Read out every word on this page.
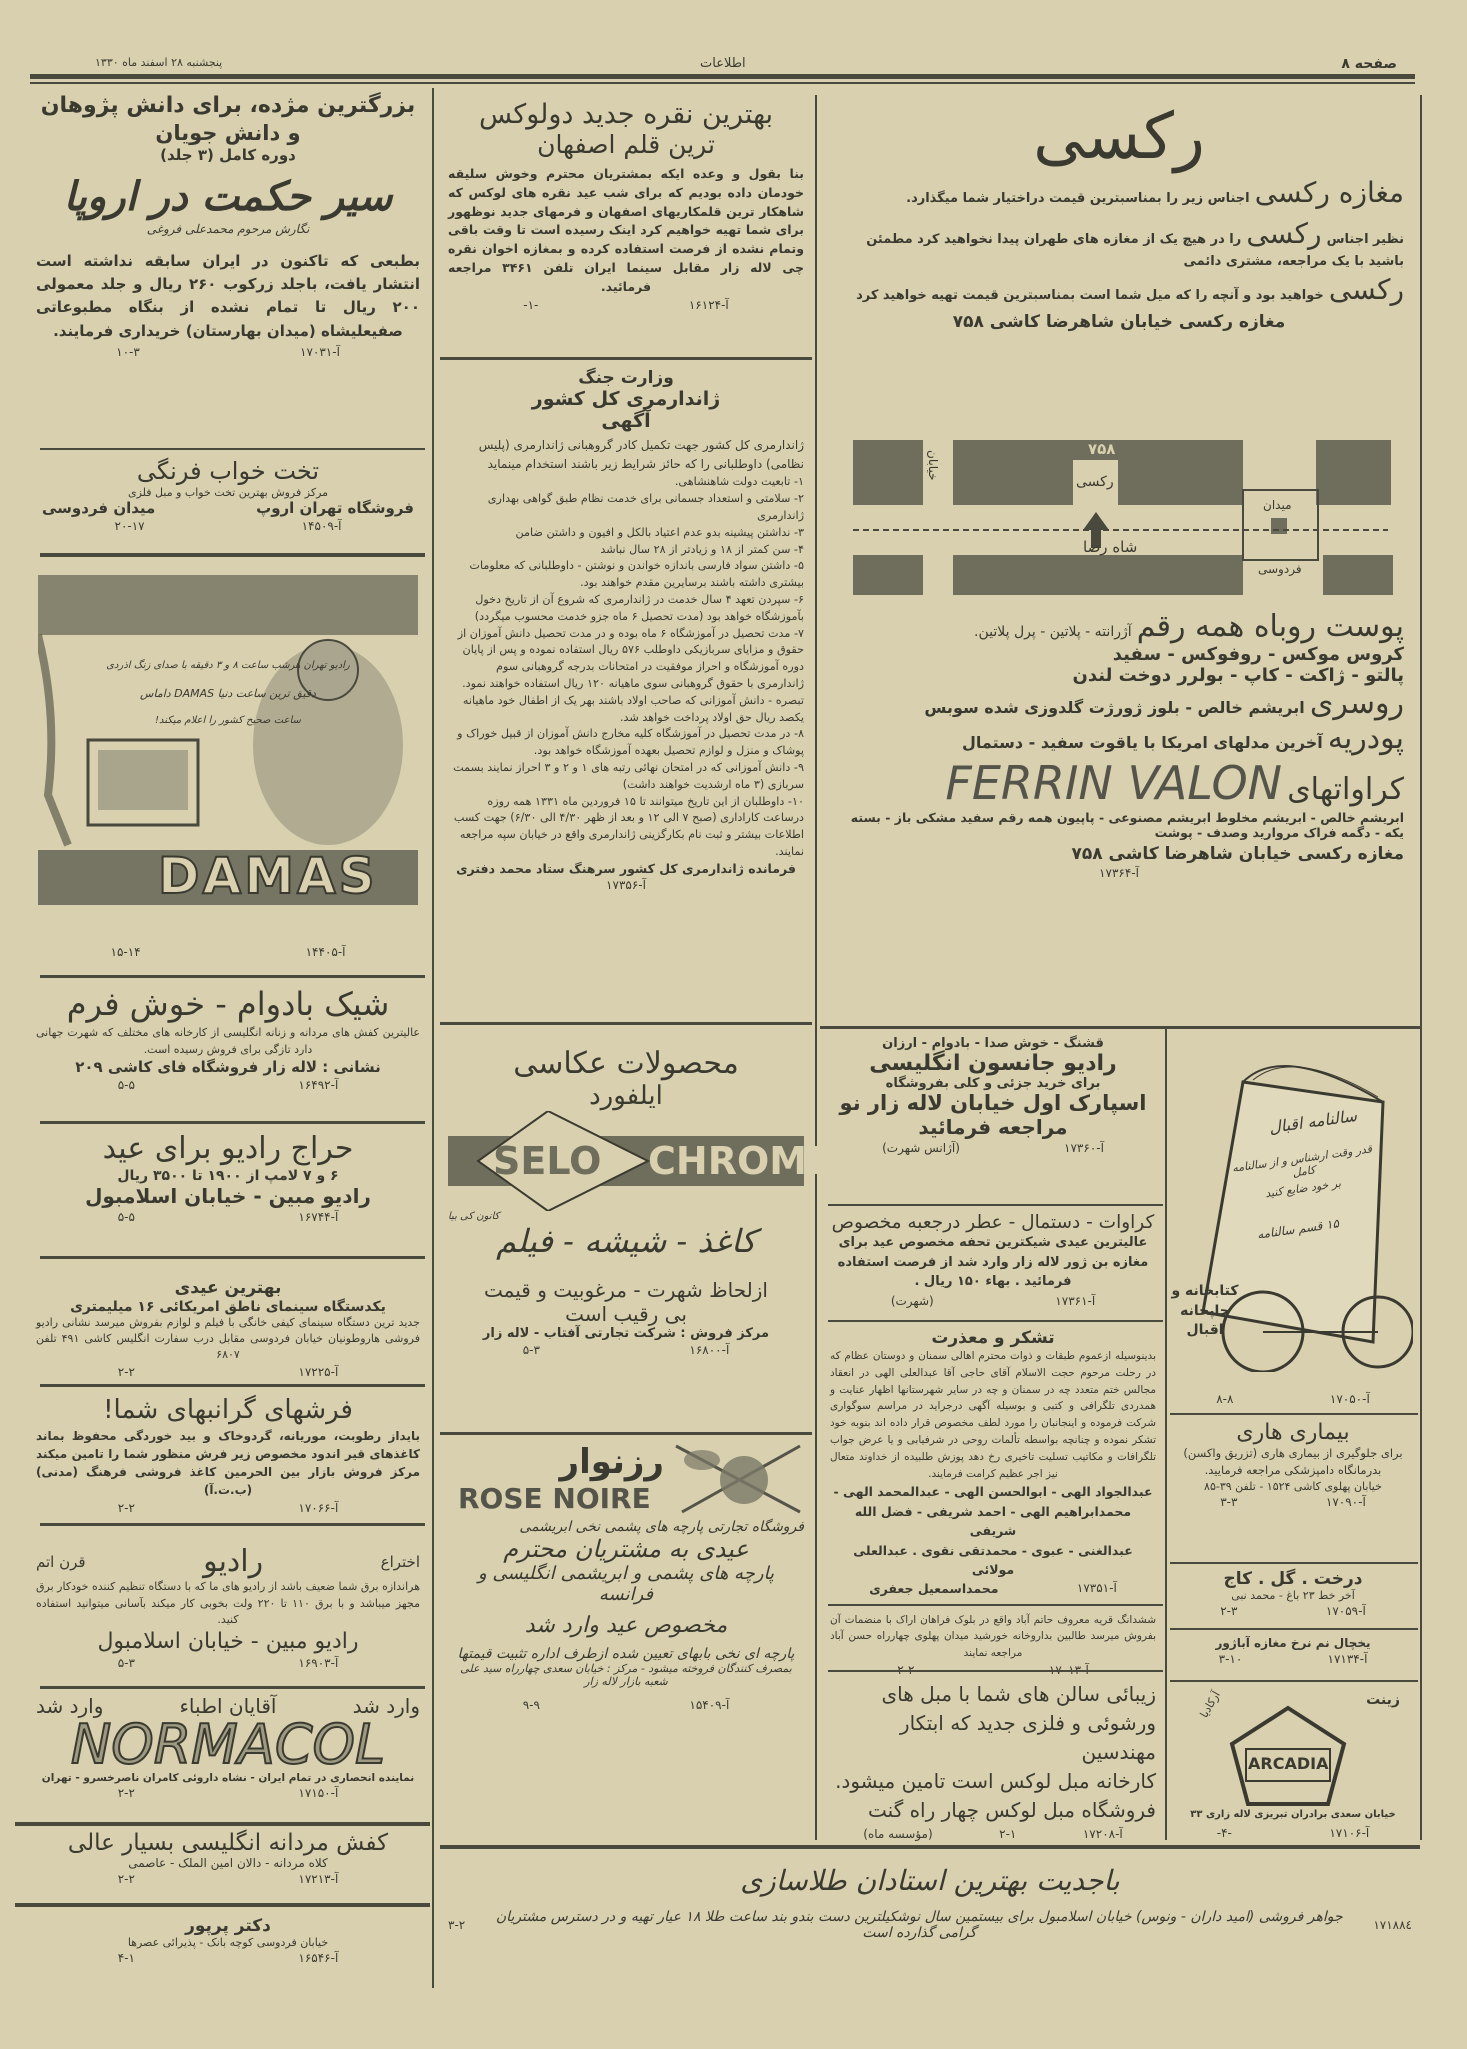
صفحه ۸
اطلاعات
پنجشنبه ۲۸ اسفند ماه ۱۳۳۰
بزرگترین مژده، برای دانش پژوهان
و دانش جویان
دوره کامل (۳ جلد)
سیر حکمت در اروپا
نگارش مرحوم محمدعلی فروغی
بطبعی که تاکنون در ایران سابقه نداشته است انتشار یافت، باجلد زرکوب ۲۶۰ ریال و جلد معمولی ۲۰۰ ریال تا تمام نشده از بنگاه مطبوعاتی صفیعلیشاه (میدان بهارستان) خریداری فرمایند.
آ-۱۷۰۳۱
۱۰-۳
تخت خواب فرنگی
مرکز فروش بهترین تخت خواب و مبل فلزی
فروشگاه تهران اروپ
میدان فردوسی
آ-۱۴۵۰۹
۲۰-۱۷
رادیو تهران هرشب ساعت ۸ و ۳ دقیقه با صدای زنگ اذردی
دقیق ترین ساعت دنیا DAMAS داماس
ساعت صحیح کشور را اعلام میکند!
DAMAS
آ-۱۴۴۰۵
۱۵-۱۴
شیک بادوام - خوش فرم
عالیترین کفش های مردانه و زنانه انگلیسی از کارخانه های مختلف که شهرت جهانی دارد تازگی برای فروش رسیده است.
نشانی : لاله زار فروشگاه فای کاشی ۲۰۹
آ-۱۶۴۹۲
۵-۵
حراج رادیو برای عید
۶ و ۷ لامپ از ۱۹۰۰ تا ۳۵۰۰ ریال
رادیو مبین - خیابان اسلامبول
آ-۱۶۷۴۴
۵-۵
بهترین عیدی
یکدستگاه سینمای ناطق امریکائی ۱۶ میلیمتری
جدید ترین دستگاه سینمای کیفی خانگی با فیلم و لوازم بفروش میرسد نشانی رادیو فروشی هاروطونیان خیابان فردوسی مقابل درب سفارت انگلیس کاشی ۴۹۱ تلفن ۶۸۰۷
آ-۱۷۲۲۵
۲-۲
فرشهای گرانبهای شما!
بایداز رطوبت، موریانه، گردوخاک و بید خوردگی محفوظ بماند کاغذهای قیر اندود مخصوص زیر فرش منظور شما را تامین میکند مرکز فروش بازار بین الحرمین کاغذ فروشی فرهنگ (مدنی) (ب.ت.آ)
آ-۱۷۰۶۶
۲-۲
اختراع
رادیو
قرن اتم
هراندازه برق شما ضعیف باشد از رادیو های ما که با دستگاه تنظیم کننده خودکار برق مجهز میباشد و با برق ۱۱۰ تا ۲۲۰ ولت بخوبی کار میکند بآسانی میتوانید استفاده کنید.
رادیو مبین - خیابان اسلامبول
آ-۱۶۹۰۳
۵-۳
وارد شد
آقایان اطباء
وارد شد
NORMACOL
نماینده انحصاری در تمام ایران - نشاه داروئی کامران ناصرخسرو - تهران
آ-۱۷۱۵۰
۲-۲
کفش مردانه انگلیسی بسیار عالی
کلاه مردانه - دالان امین الملک - عاصمی
آ-۱۷۲۱۳
۲-۲
دکتر پرپور
خیابان فردوسی کوچه بانک - پذیرائی عصرها
آ-۱۶۵۴۶
۴-۱
بهترین نقره جدید دولوکس
ترین قلم اصفهان
بنا بقول و وعده ایکه بمشتریان محترم وخوش سلیقه خودمان داده بودیم که برای شب عید نقره های لوکس که شاهکار ترین قلمکاریهای اصفهان و فرمهای جدید نوظهور برای شما تهیه خواهیم کرد اینک رسیده است تا وقت باقی وتمام نشده از فرصت استفاده کرده و بمغازه اخوان نقره چی لاله زار مقابل سینما ایران تلفن ۳۴۶۱ مراجعه فرمائید.
آ-۱۶۱۲۴
-۱-
وزارت جنگ
ژاندارمری کل کشور
آگهی
ژاندارمری کل کشور جهت تکمیل کادر گروهبانی ژاندارمری (پلیس نظامی) داوطلبانی را که حائز شرایط زیر باشند استخدام مینماید
۱- تابعیت دولت شاهنشاهی.
۲- سلامتی و استعداد جسمانی برای خدمت نظام طبق گواهی بهداری ژاندارمری
۳- نداشتن پیشینه بدو عدم اعتیاد بالکل و افیون و داشتن ضامن
۴- سن کمتر از ۱۸ و زیادتر از ۲۸ سال نباشد
۵- داشتن سواد فارسی باندازه خواندن و نوشتن - داوطلبانی که معلومات بیشتری داشته باشند برسایرین مقدم خواهند بود.
۶- سپردن تعهد ۴ سال خدمت در ژاندارمری که شروع آن از تاریخ دخول بآموزشگاه خواهد بود (مدت تحصیل ۶ ماه جزو خدمت محسوب میگردد)
۷- مدت تحصیل در آموزشگاه ۶ ماه بوده و در مدت تحصیل دانش آموزان از حقوق و مزایای سربازیکی داوطلب ۵۷۶ ریال استفاده نموده و پس از پایان دوره آموزشگاه و احراز موفقیت در امتحانات بدرجه گروهبانی سوم ژاندارمری با حقوق گروهبانی سوی ماهیانه ۱۲۰ ریال استفاده خواهند نمود.
تبصره - دانش آموزانی که صاحب اولاد باشند بهر یک از اطفال خود ماهیانه یکصد ریال حق اولاد پرداخت خواهد شد.
۸- در مدت تحصیل در آموزشگاه کلیه مخارج دانش آموزان از قبیل خوراک و پوشاک و منزل و لوازم تحصیل بعهده آموزشگاه خواهد بود.
۹- دانش آموزانی که در امتحان نهائی رتبه های ۱ و ۲ و ۳ احراز نمایند بسمت سربازی (۳ ماه ارشدیت خواهند داشت)
۱۰- داوطلبان از این تاریخ میتوانند تا ۱۵ فروردین ماه ۱۳۳۱ همه روزه درساعت کاراداری (صبح ۷ الی ۱۲ و بعد از ظهر ۴/۳۰ الی ۶/۳۰) جهت کسب اطلاعات بیشتر و ثبت نام بکارگزینی ژاندارمری واقع در خیابان سپه مراجعه نمایند.
فرمانده ژاندارمری کل کشور سرهنگ ستاد محمد دفتری
آ-۱۷۳۵۶
محصولات عکاسی
ایلفورد
SELO CHROME
کانون کی بیا
کاغذ - شیشه - فیلم
ازلحاظ شهرت - مرغوبیت و قیمت
بی رقیب است
مرکز فروش : شرکت تجارتی آفتاب - لاله زار
آ-۱۶۸۰۰
۵-۳
رزنوار
ROSE NOIRE
فروشگاه تجارتی پارچه های پشمی نخی ابریشمی
عیدی به مشتریان محترم
پارچه های پشمی و ابریشمی انگلیسی و فرانسه
مخصوص عید وارد شد
پارچه ای نخی بابهای تعیین شده ازطرف اداره تثبیت قیمتها
بمصرف کنندگان فروخته میشود - مرکز : خیابان سعدی چهارراه سید علی شعبه بازار لاله زار
آ-۱۵۴۰۹
۹-۹
رکسی
مغازه رکسی اجناس زیر را بمناسبترین قیمت دراختیار شما میگذارد.
نظیر اجناس رکسی را در هیچ یک از مغازه های طهران پیدا نخواهید کرد مطمئن باشید با یک مراجعه، مشتری دائمی
رکسی خواهید بود و آنچه را که میل شما است بمناسبترین قیمت تهیه خواهید کرد
مغازه رکسی خیابان شاهرضا کاشی ۷۵۸
۷۵۸
رکسی
شاه رضا
میدان
فردوسی
خیابان
پوست روباه همه رقم آژرانته - پلاتین - پرل پلاتین.
کروس موکس - روفوکس - سفید
پالتو - ژاکت - کاپ - بولرر دوخت لندن
روسری ابریشم خالص - بلوز ژورژت گلدوزی شده سوبس
پودریه آخرین مدلهای امریکا با یاقوت سفید - دستمال
کراواتهای FERRIN VALON
ابریشم خالص - ابریشم مخلوط ابریشم مصنوعی - پاپیون همه رقم سفید مشکی باز - بسته یکه - دگمه فراک مروارید وصدف - پوشت
مغازه رکسی خیابان شاهرضا کاشی ۷۵۸
آ-۱۷۳۶۴
قشنگ - خوش صدا - بادوام - ارزان
رادیو جانسون انگلیسی
برای خرید جزئی و کلی بفروشگاه
اسپارک اول خیابان لاله زار نو
مراجعه فرمائید
آ-۱۷۳۶۰
(آژانس شهرت)
کراوات - دستمال - عطر درجعبه مخصوص
عالیترین عیدی شیکترین تحفه مخصوص عید برای مغازه بن ژور لاله زار وارد شد از فرصت استفاده فرمائید . بهاء ۱۵۰ ریال .
آ-۱۷۳۶۱
(شهرت)
تشکر و معذرت
بدینوسیله ازعموم طبقات و ذوات محترم اهالی سمنان و دوستان عظام که در رحلت مرحوم حجت الاسلام آقای حاجی آقا عبدالعلی الهی در انعقاد مجالس ختم متعدد چه در سمنان و چه در سایر شهرستانها اظهار عنایت و همدردی تلگرافی و کتبی و بوسیله آگهی درجراید در مراسم سوگواری شرکت فرموده و اینجانبان را مورد لطف مخصوص قرار داده اند بنوبه خود تشکر نموده و چنانچه بواسطه تألمات روحی در شرفیابی و یا عرض جواب تلگرافات و مکاتیب تسلیت تاخیری رخ دهد پوزش طلبیده از خداوند متعال نیز اجر عظیم کرامت فرمایند.
عبدالجواد الهی - ابوالحسن الهی - عبدالمحمد الهی -
محمدابراهیم الهی - احمد شریفی - فضل الله شریفی
عبدالغنی - عبوی - محمدتقی نقوی . عبدالعلی مولائی
آ-۱۷۳۵۱
محمداسمعیل جعفری
ششدانگ قریه معروف حاتم آباد واقع در بلوک فراهان اراک با منضمات آن بفروش میرسد طالبین بداروخانه خورشید میدان پهلوی چهارراه حسن آباد مراجعه نمایند
زیبائی سالن های شما با مبل های
ورشوئی و فلزی جدید که ابتکار مهندسین
کارخانه مبل لوکس است تامین میشود.
فروشگاه مبل لوکس چهار راه گنت
آ-۱۷۲۰۸
۲-۱
(مؤسسه ماه)
سالنامه اقبال
قدر وقت ارشناس و از سالنامه کامل
بر خود ضایع کنید
۱۵ قسم سالنامه
کتابخانه و چاپخانه اقبال
آ-۱۷۰۵۰
۸-۸
بیماری هاری
برای جلوگیری از بیماری هاری (تزریق واکسن) بدرمانگاه دامپزشکی مراجعه فرمایید.
خیابان پهلوی کاشی ۱۵۲۴ - تلفن ۳۹-۸۵
آ-۱۷۰۹۰
۳-۳
درخت . گل . کاج
آخر خط ۲۳ باغ - محمد نبی
آ-۱۷۰۵۹
۲-۳
یخچال نم نرخ مغازه آباژور
آ-۱۷۱۳۴
۳-۱۰
زینت
آرکادیا
ARCADIA
خیابان سعدی برادران تبریزی لاله زاری ۳۳
آ-۱۷۱۰۶
-۴-
باجدیت بهترین استادان طلاسازی
۱۷۱۸۸٤
جواهر فروشی (امید داران - ونوس) خیابان اسلامبول برای بیستمین سال نوشکیلترین دست بندو بند ساعت طلا ۱۸ عیار تهیه و در دسترس مشتریان گرامی گذارده است
۳-۲
